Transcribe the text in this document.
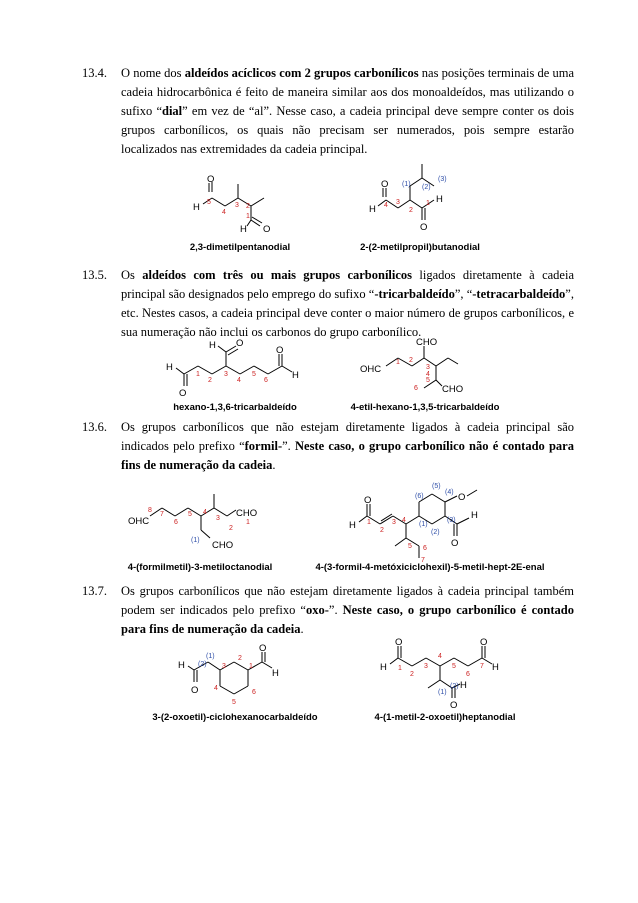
13.4. O nome dos aldeídos acíclicos com 2 grupos carbonílicos nas posições terminais de uma cadeia hidrocarbônica é feito de maneira similar aos dos monoaldeídos, mas utilizando o sufixo “dial” em vez de “al”. Nesse caso, a cadeia principal deve sempre conter os dois grupos carbonílicos, os quais não precisam ser numerados, pois sempre estarão localizados nas extremidades da cadeia principal.
O
H
H O
5
4
3 2
1
2,3-dimetilpentanodial
O
H
H
O
4 3
2
1
(1) (2)
(3)
2-(2-metilpropil)butanodial
13.5. Os aldeídos com três ou mais grupos carbonílicos ligados diretamente à cadeia principal são designados pelo emprego do sufixo “-tricarbaldeído”, “-tetracarbaldeído”, etc. Nestes casos, a cadeia principal deve conter o maior número de grupos carbonílicos, e sua numeração não inclui os carbonos do grupo carbonílico.
H
O
H O
O
H
1
2
3
4
5
6
hexano-1,3,6-tricarbaldeído
OHC
CHO
CHO
1 2
3
4
5
6
4-etil-hexano-1,3,5-tricarbaldeído
13.6. Os grupos carbonílicos que não estejam diretamente ligados à cadeia principal são indicados pelo prefixo “formil-”. Neste caso, o grupo carbonílico não é contado para fins de numeração da cadeia.
OHC
CHO
CHO
8
7
6
5 4
3
2
1
(1)
4-(formilmetil)-3-metiloctanodial
O
H
O
H
O
1
2
3 4
5 6
7
(1)
(2)
(3)
(4)
(5)
(6)
4-(3-formil-4-metóxiciclohexil)-5-metil-hept-2E-enal
13.7. Os grupos carbonílicos que não estejam diretamente ligados à cadeia principal também podem ser indicados pelo prefixo “oxo-”. Neste caso, o grupo carbonílico é contado para fins de numeração da cadeia.
H
O
O
H
3
2
1
4
5
6
(2)
(1)
3-(2-oxoetil)-ciclohexanocarbaldeído
O
H
O
H
H
O
1
2
3
4
5
6
7
(2)
(1)
4-(1-metil-2-oxoetil)heptanodial
